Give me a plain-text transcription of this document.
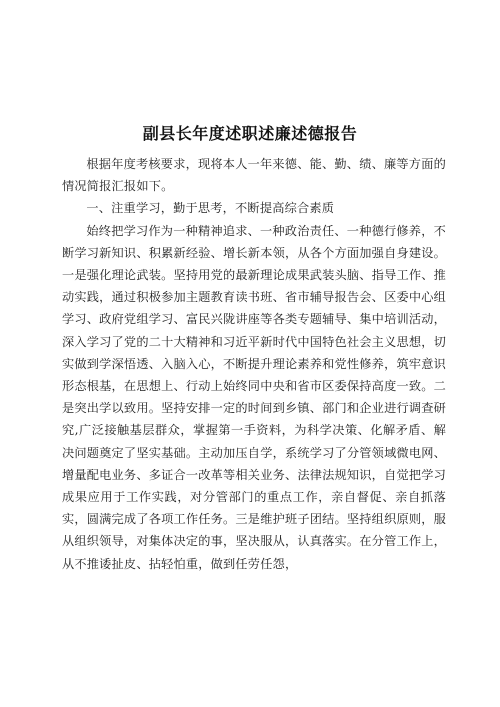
副县长年度述职述廉述德报告

根据年度考核要求，现将本人一年来德、能、勤、绩、廉等方面的情况简报汇报如下。

一、注重学习，勤于思考，不断提高综合素质

始终把学习作为一种精神追求、一种政治责任、一种德行修养，不断学习新知识、积累新经验、增长新本领，从各个方面加强自身建设。一是强化理论武装。坚持用党的最新理论成果武装头脑、指导工作、推动实践，通过积极参加主题教育读书班、省市辅导报告会、区委中心组学习、政府党组学习、富民兴陇讲座等各类专题辅导、集中培训活动，深入学习了党的二十大精神和习近平新时代中国特色社会主义思想，切实做到学深悟透、入脑入心，不断提升理论素养和党性修养，筑牢意识形态根基，在思想上、行动上始终同中央和省市区委保持高度一致。二是突出学以致用。坚持安排一定的时间到乡镇、部门和企业进行调查研究,广泛接触基层群众，掌握第一手资料，为科学决策、化解矛盾、解决问题奠定了坚实基础。主动加压自学，系统学习了分管领域微电网、增量配电业务、多证合一改革等相关业务、法律法规知识，自觉把学习成果应用于工作实践，对分管部门的重点工作，亲自督促、亲自抓落实，圆满完成了各项工作任务。三是维护班子团结。坚持组织原则，服从组织领导，对集体决定的事，坚决服从，认真落实。在分管工作上，从不推诿扯皮、拈轻怕重，做到任劳任怨，
